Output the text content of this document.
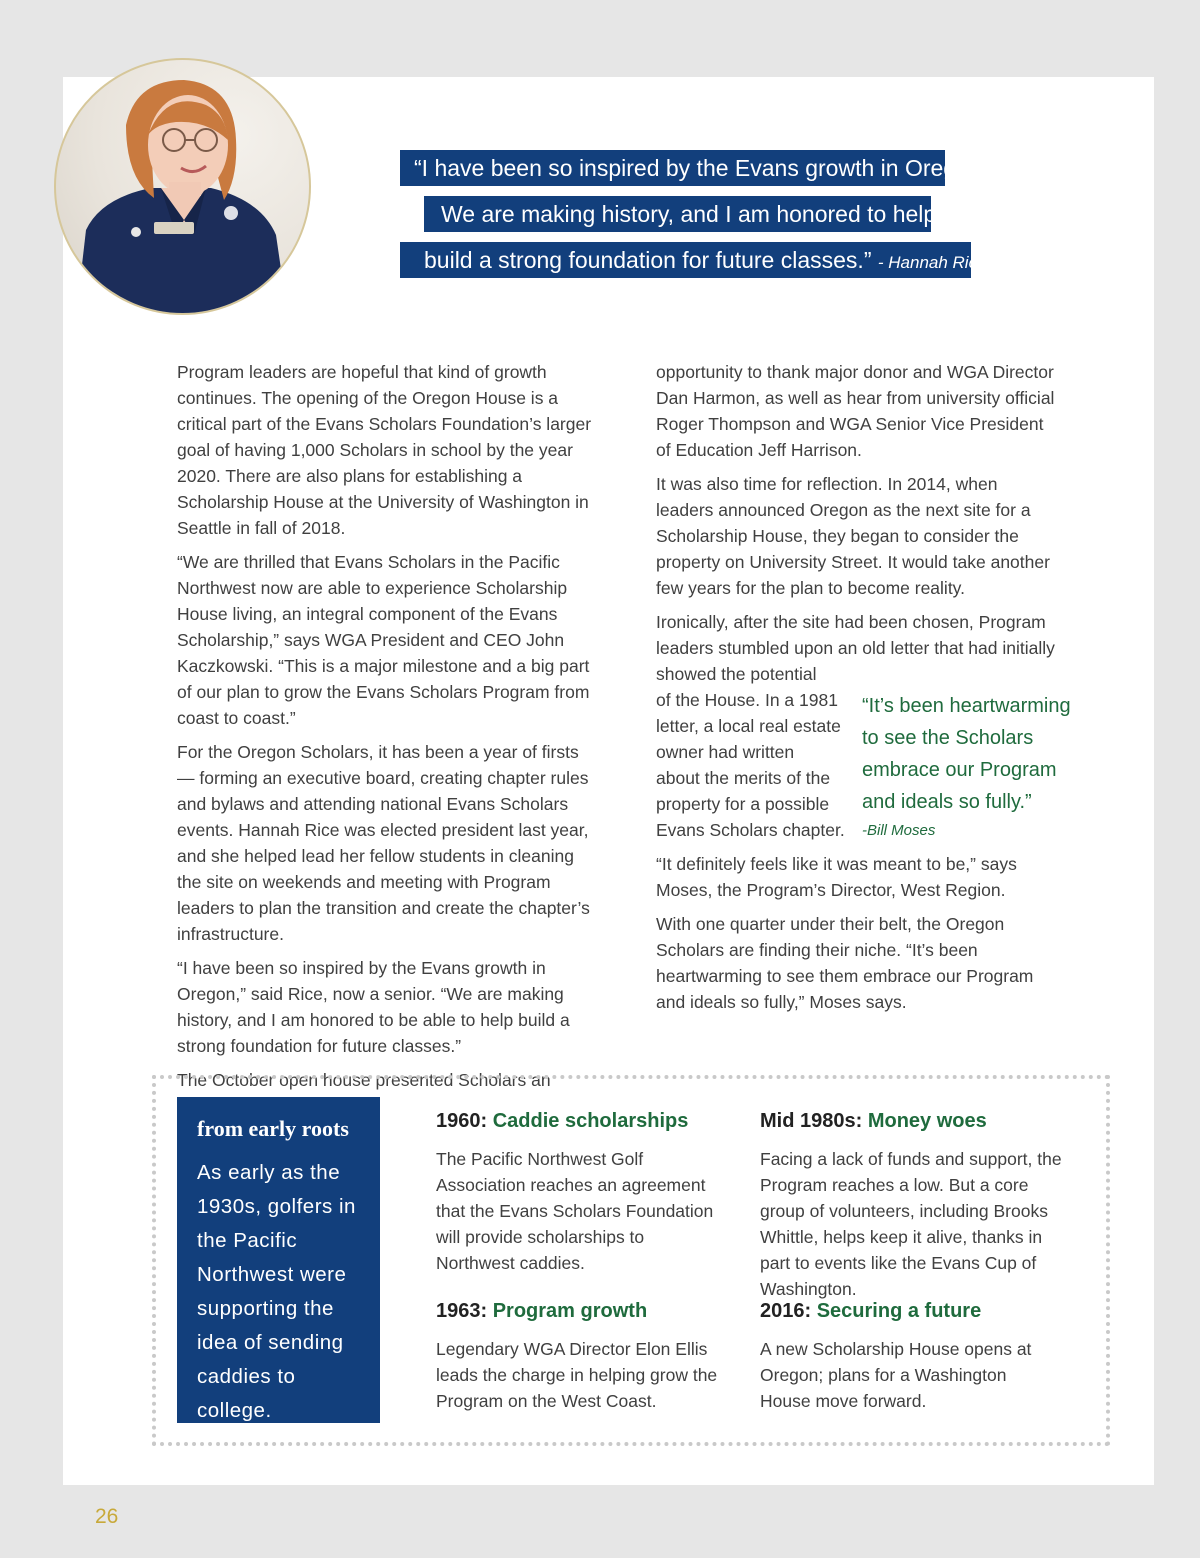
“I have been so inspired by the Evans growth in Oregon.
We are making history, and I am honored to help
build a strong foundation for future classes.” - Hannah Rice

Program leaders are hopeful that kind of growth continues. The opening of the Oregon House is a critical part of the Evans Scholars Foundation’s larger goal of having 1,000 Scholars in school by the year 2020. There are also plans for establishing a Scholarship House at the University of Washington in Seattle in fall of 2018.

“We are thrilled that Evans Scholars in the Pacific Northwest now are able to experience Scholarship House living, an integral component of the Evans Scholarship,” says WGA President and CEO John Kaczkowski. “This is a major milestone and a big part of our plan to grow the Evans Scholars Program from coast to coast.”

For the Oregon Scholars, it has been a year of firsts — forming an executive board, creating chapter rules and bylaws and attending national Evans Scholars events. Hannah Rice was elected president last year, and she helped lead her fellow students in cleaning the site on weekends and meeting with Program leaders to plan the transition and create the chapter’s infrastructure.

“I have been so inspired by the Evans growth in Oregon,” said Rice, now a senior. “We are making history, and I am honored to be able to help build a strong foundation for future classes.”

The October open house presented Scholars an

opportunity to thank major donor and WGA Director Dan Harmon, as well as hear from university official Roger Thompson and WGA Senior Vice President of Education Jeff Harrison.

It was also time for reflection. In 2014, when leaders announced Oregon as the next site for a Scholarship House, they began to consider the property on University Street. It would take another few years for the plan to become reality.

Ironically, after the site had been chosen, Program leaders stumbled upon an old letter that had initially

showed the potential
of the House. In a 1981
letter, a local real estate
owner had written
about the merits of the
property for a possible
Evans Scholars chapter.

“It definitely feels like it was meant to be,” says Moses, the Program’s Director, West Region.

With one quarter under their belt, the Oregon Scholars are finding their niche. “It’s been heartwarming to see them embrace our Program and ideals so fully,” Moses says.

“It’s been heartwarming to see the Scholars embrace our Program and ideals so fully.”
-Bill Moses
from early roots

As early as the 1930s, golfers in the Pacific Northwest were supporting the idea of sending caddies to college.

1960: Caddie scholarships

The Pacific Northwest Golf Association reaches an agreement that the Evans Scholars Foundation will provide scholarships to Northwest caddies.

Mid 1980s: Money woes

Facing a lack of funds and support, the Program reaches a low. But a core group of volunteers, including Brooks Whittle, helps keep it alive, thanks in part to events like the Evans Cup of Washington.

1963: Program growth

Legendary WGA Director Elon Ellis leads the charge in helping grow the Program on the West Coast.

2016: Securing a future

A new Scholarship House opens at Oregon; plans for a Washington House move forward.

26
